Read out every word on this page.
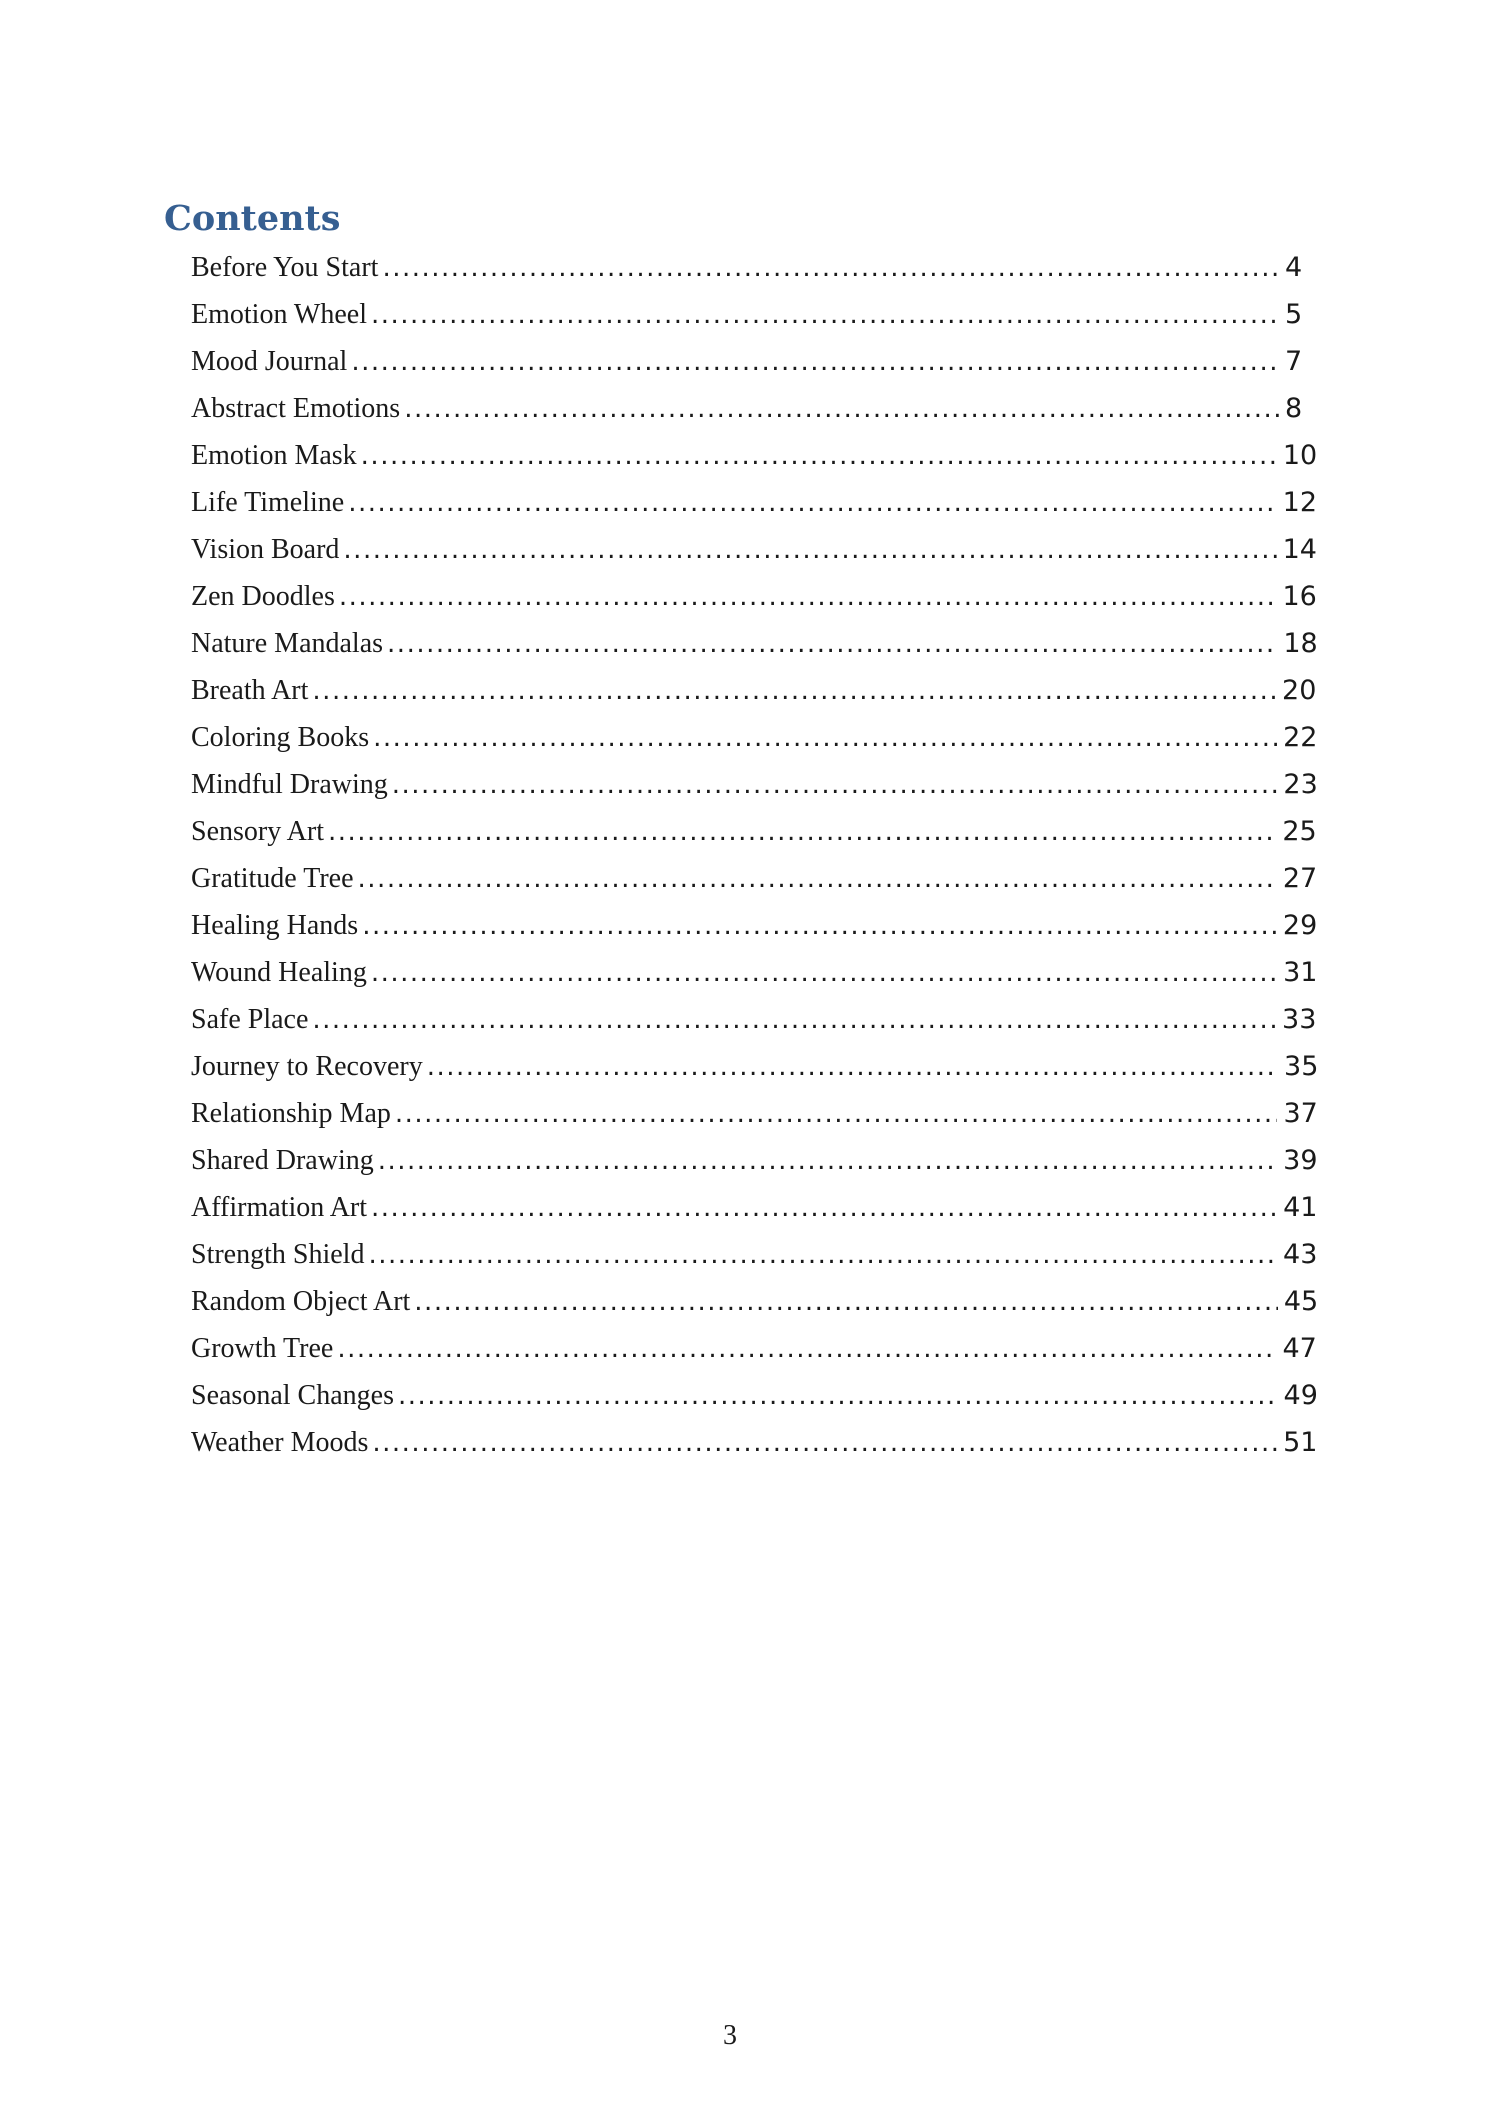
Contents
Before You Start .....	4
Emotion Wheel .....	5
Mood Journal .....	7
Abstract Emotions .....	8
Emotion Mask .....	10
Life Timeline .....	12
Vision Board .....	14
Zen Doodles .....	16
Nature Mandalas .....	18
Breath Art .....	20
Coloring Books .....	22
Mindful Drawing .....	23
Sensory Art .....	25
Gratitude Tree .....	27
Healing Hands .....	29
Wound Healing .....	31
Safe Place .....	33
Journey to Recovery .....	35
Relationship Map .....	37
Shared Drawing .....	39
Affirmation Art .....	41
Strength Shield .....	43
Random Object Art .....	45
Growth Tree .....	47
Seasonal Changes .....	49
Weather Moods .....	51
3
